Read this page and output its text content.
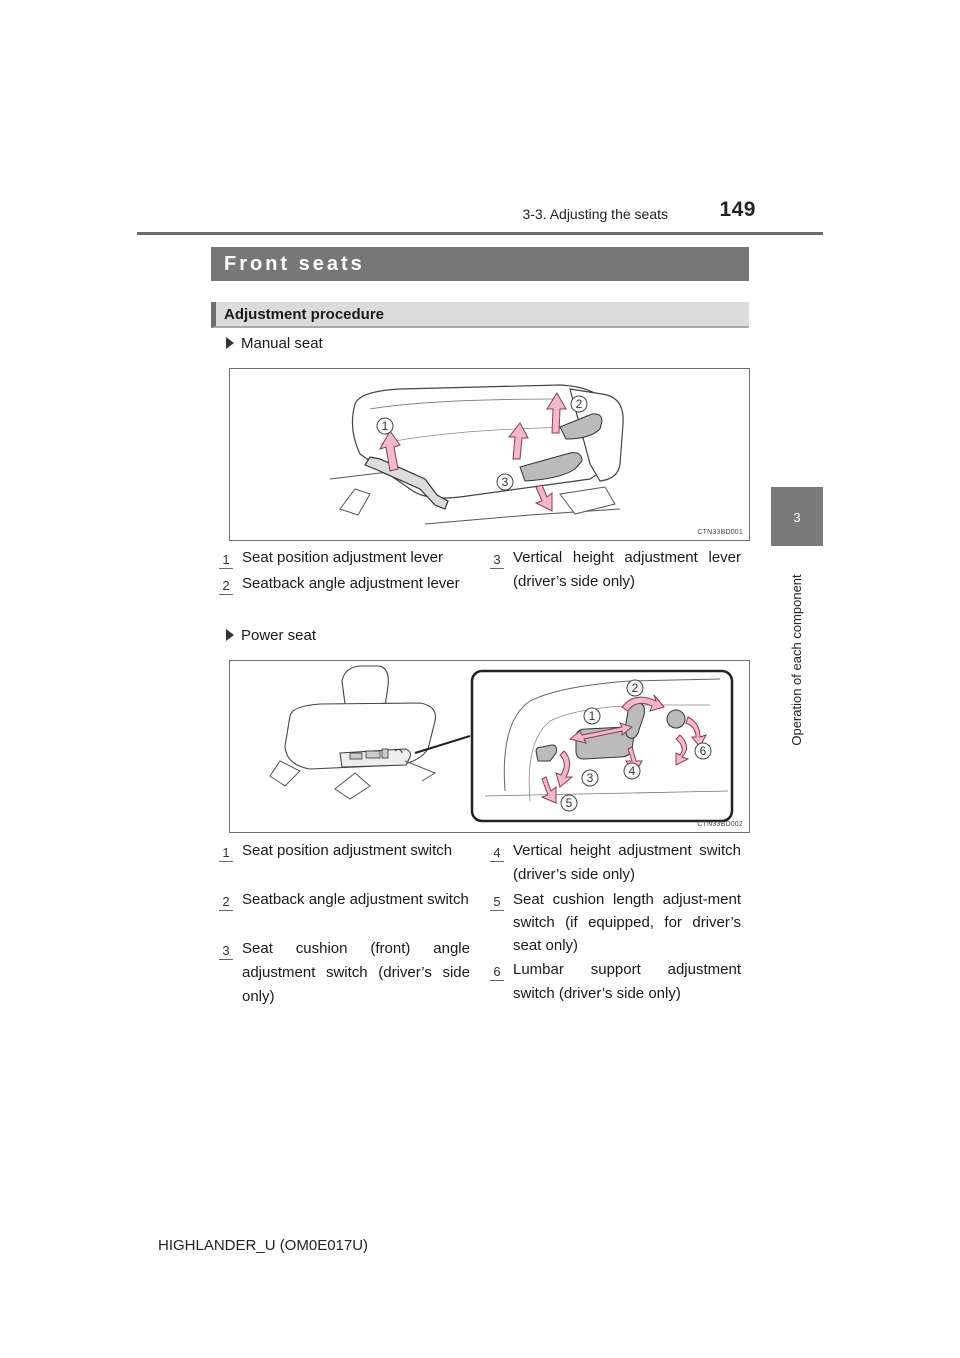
3-3. Adjusting the seats	149
3
Operation of each component
Front seats
Adjustment procedure
Manual seat
1
2
3
CTN33BD001
1 Seat position adjustment lever
2 Seatback angle adjustment lever
3 Vertical height adjustment lever (driver’s side only)
Power seat
1
2
3	4
5
6
CTN33BD002
1 Seat position adjustment switch
2 Seatback angle adjustment switch
3 Seat cushion (front) angle adjustment switch (driver’s side only)
4 Vertical height adjustment switch (driver’s side only)
5 Seat cushion length adjust-ment switch (if equipped, for driver’s seat only)
6 Lumbar support adjustment switch (driver’s side only)
HIGHLANDER_U (OM0E017U)
